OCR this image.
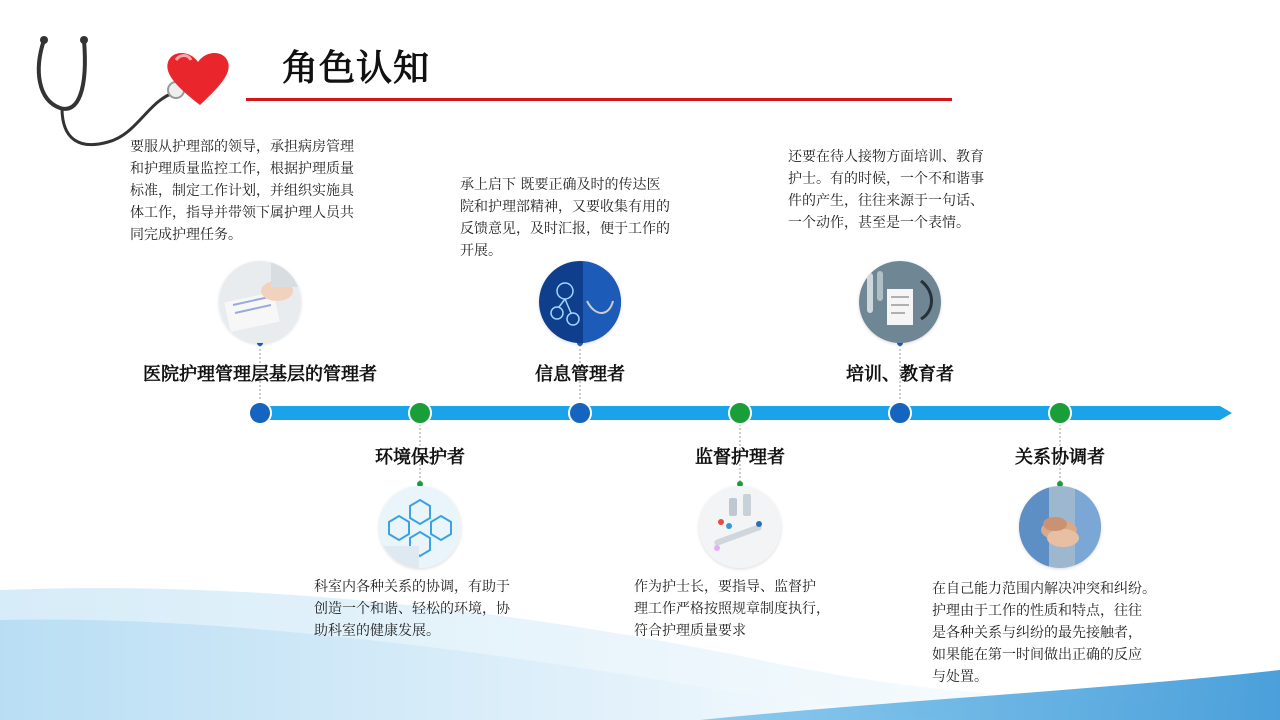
角色认知
要服从护理部的领导，承担病房管理
和护理质量监控工作，根据护理质量
标准，制定工作计划，并组织实施具
体工作，指导并带领下属护理人员共
同完成护理任务。
医院护理管理层基层的管理者
环境保护者
科室内各种关系的协调，有助于
创造一个和谐、轻松的环境，协
助科室的健康发展。
承上启下 既要正确及时的传达医
院和护理部精神，又要收集有用的
反馈意见，及时汇报，便于工作的
开展。
信息管理者
监督护理者
作为护士长，要指导、监督护
理工作严格按照规章制度执行，
符合护理质量要求
还要在待人接物方面培训、教育
护士。有的时候，一个不和谐事
件的产生，往往来源于一句话、
一个动作，甚至是一个表情。
培训、教育者
关系协调者
在自己能力范围内解决冲突和纠纷。
护理由于工作的性质和特点，往往
是各种关系与纠纷的最先接触者，
如果能在第一时间做出正确的反应
与处置。
